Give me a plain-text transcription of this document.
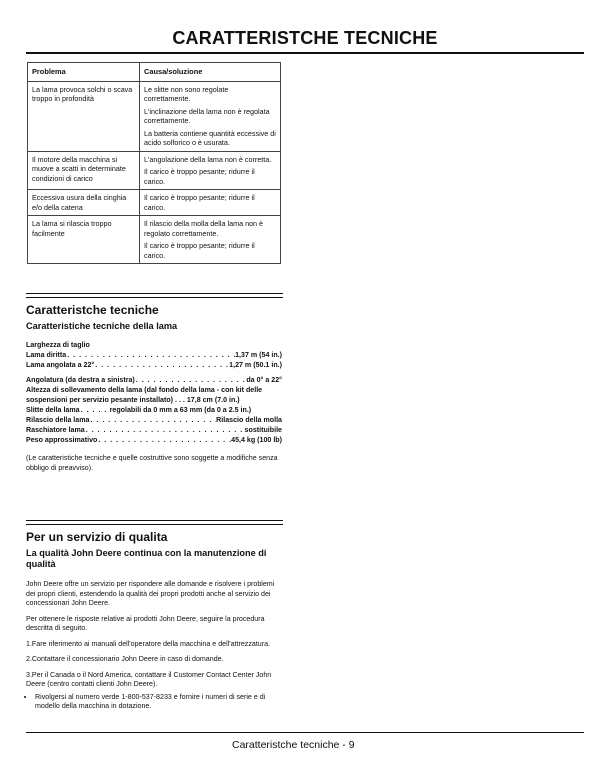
CARATTERISTCHE TECNICHE
Problema	Causa/soluzione
La lama provoca solchi o scava troppo in profondità	Le slitte non sono regolate correttamente.

L'inclinazione della lama non è regolata correttamente.

La batteria contiene quantità eccessive di acido solforico o è usurata.

Il motore della macchina si muove a scatti in determinate condizioni di carico	L'angolazione della lama non è corretta.

Il carico è troppo pesante; ridurre il carico.

Eccessiva usura della cinghia e/o della catena	Il carico è troppo pesante; ridurre il carico.

La lama si rilascia troppo facilmente	Il rilascio della molla della lama non è regolato correttamente.

Il carico è troppo pesante; ridurre il carico.

Caratteristche tecniche
Caratteristiche tecniche della lama
Larghezza di taglio
Lama diritta . . .	1,37 m (54 in.)
Lama angolata a 22° . . .	1,27 m (50.1 in.)
Angolatura (da destra a sinistra) . . .	da 0° a 22°
Altezza di sollevamento della lama (dal fondo della lama - con kit delle sospensioni per servizio pesante installato) . . . 17,8 cm (7.0 in.)
Slitte della lama . . .	regolabili da 0 mm a 63 mm (da 0 a 2.5 in.)
Rilascio della lama . . .	Rilascio della molla
Raschiatore lama . . .	sostituibile
Peso approssimativo . . .	45,4 kg (100 lb)
(Le caratteristiche tecniche e quelle costruttive sono soggette a modifiche senza obbligo di preavviso).
Per un servizio di qualita
La qualità John Deere continua con la manutenzione di qualità

John Deere offre un servizio per rispondere alle domande e risolvere i problemi dei propri clienti, estendendo la qualità dei propri prodotti anche al servizio dei concessionari John Deere.

Per ottenere le risposte relative ai prodotti John Deere, seguire la procedura descritta di seguito.

1.Fare riferimento ai manuali dell'operatore della macchina e dell'attrezzatura.

2.Contattare il concessionario John Deere in caso di domande.

3.Per il Canada o il Nord America, contattare il Customer Contact Center John Deere (centro contatti clienti John Deere).

• Rivolgersi al numero verde 1-800-537-8233 e fornire i numeri di serie e di modello della macchina in dotazione.
Caratteristche tecniche - 9
